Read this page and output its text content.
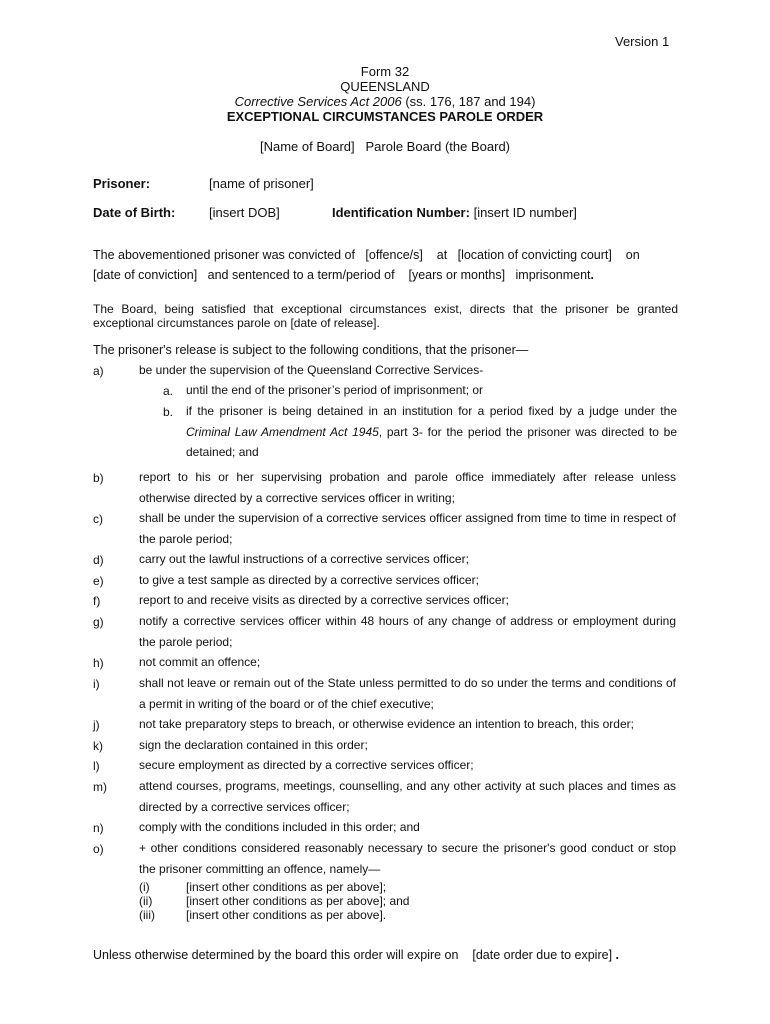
Version 1
Form 32
QUEENSLAND
Corrective Services Act 2006 (ss. 176, 187 and 194)
EXCEPTIONAL CIRCUMSTANCES PAROLE ORDER
[Name of Board] Parole Board (the Board)
Prisoner:	[name of prisoner]
Date of Birth:	[insert DOB]	Identification Number: [insert ID number]
The abovementioned prisoner was convicted of [offence/s] at [location of convicting court] on
[date of conviction] and sentenced to a term/period of [years or months] imprisonment.
The Board, being satisfied that exceptional circumstances exist, directs that the prisoner be granted exceptional circumstances parole on [date of release].
The prisoner's release is subject to the following conditions, that the prisoner—
a)	be under the supervision of the Queensland Corrective Services-
a. until the end of the prisoner’s period of imprisonment; or
b. if the prisoner is being detained in an institution for a period fixed by a judge under the Criminal Law Amendment Act 1945, part 3- for the period the prisoner was directed to be detained; and
b)	report to his or her supervising probation and parole office immediately after release unless otherwise directed by a corrective services officer in writing;
c)	shall be under the supervision of a corrective services officer assigned from time to time in respect of the parole period;
d)	carry out the lawful instructions of a corrective services officer;
e)	to give a test sample as directed by a corrective services officer;
f)	report to and receive visits as directed by a corrective services officer;
g)	notify a corrective services officer within 48 hours of any change of address or employment during the parole period;
h)	not commit an offence;
i)	shall not leave or remain out of the State unless permitted to do so under the terms and conditions of a permit in writing of the board or of the chief executive;
j)	not take preparatory steps to breach, or otherwise evidence an intention to breach, this order;
k)	sign the declaration contained in this order;
l)	secure employment as directed by a corrective services officer;
m)	attend courses, programs, meetings, counselling, and any other activity at such places and times as directed by a corrective services officer;
n)	comply with the conditions included in this order; and
o)	+ other conditions considered reasonably necessary to secure the prisoner's good conduct or stop the prisoner committing an offence, namely—
(i)	[insert other conditions as per above];
(ii)	[insert other conditions as per above]; and
(iii)	[insert other conditions as per above].
Unless otherwise determined by the board this order will expire on [date order due to expire] .
